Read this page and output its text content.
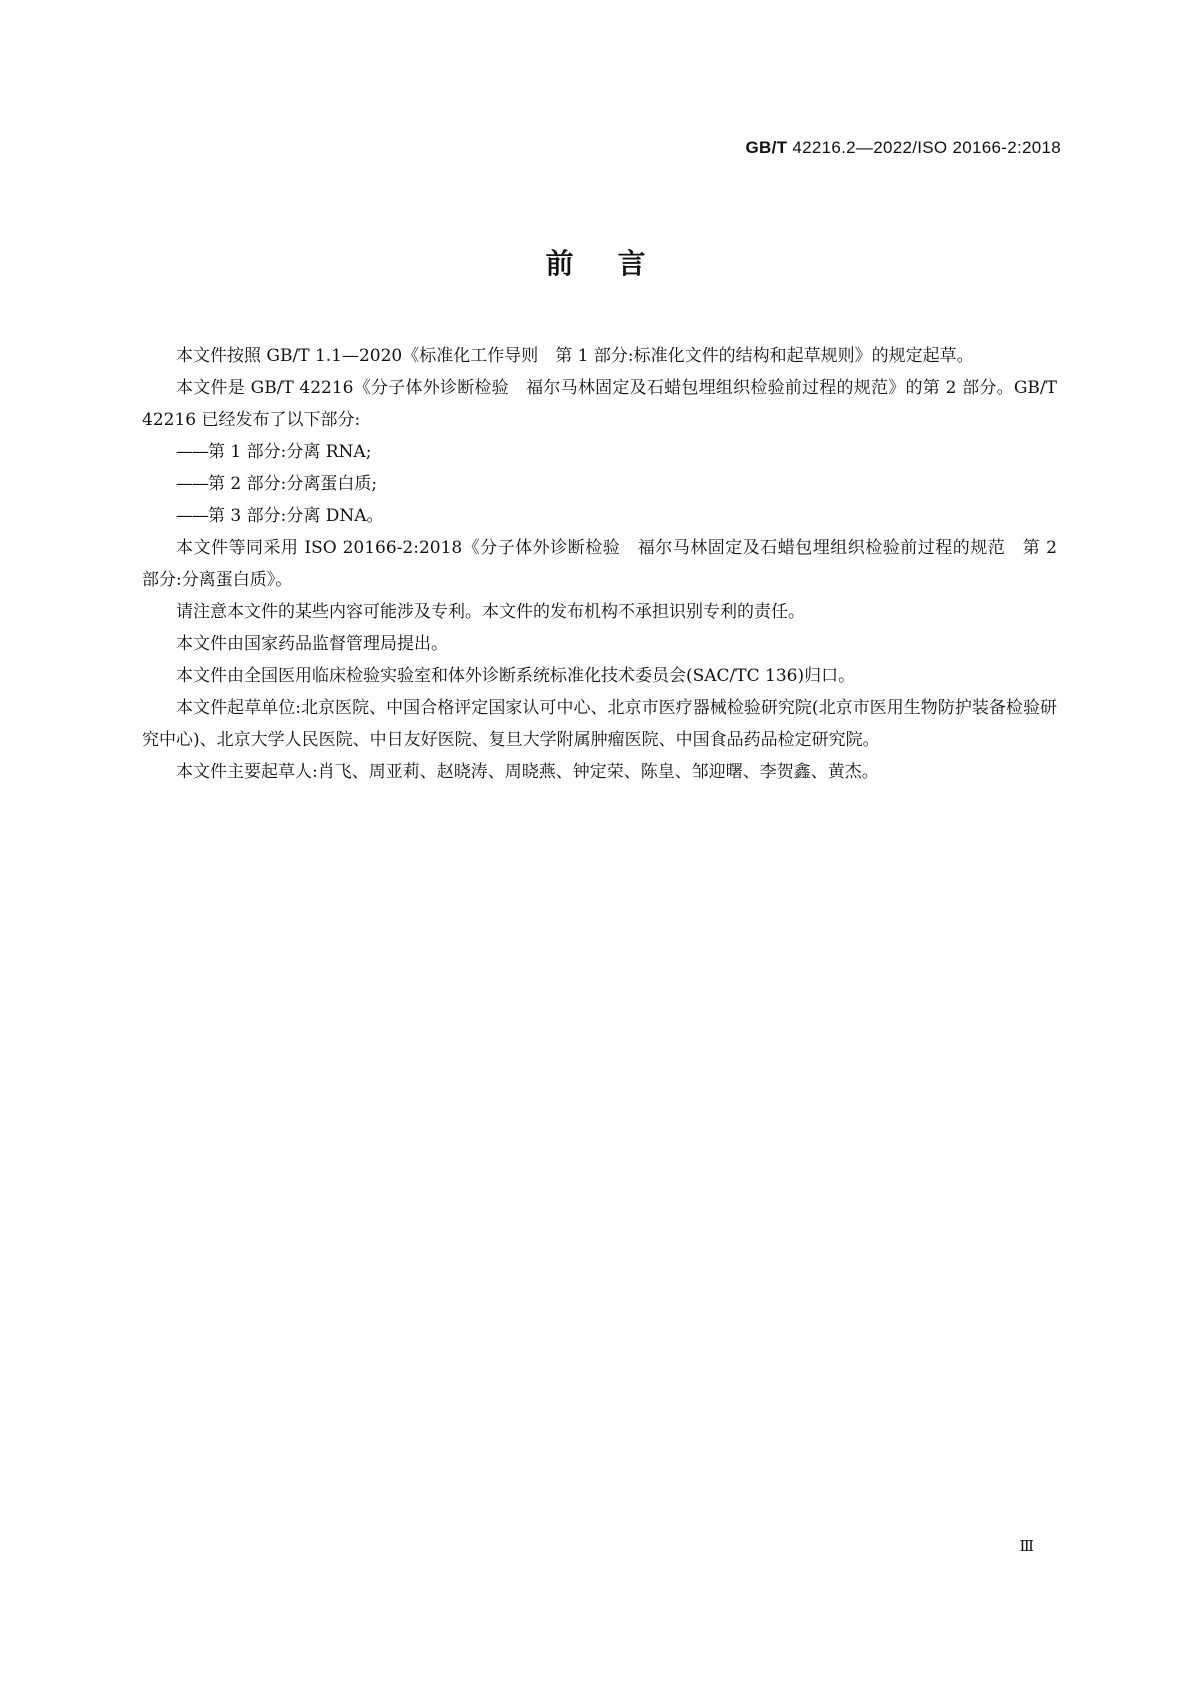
GB/T 42216.2—2022/ISO 20166-2:2018
前言

本文件按照 GB/T 1.1—2020《标准化工作导则　第 1 部分:标准化文件的结构和起草规则》的规定起草。

本文件是 GB/T 42216《分子体外诊断检验　福尔马林固定及石蜡包埋组织检验前过程的规范》的第 2 部分。GB/T 42216 已经发布了以下部分:

——第 1 部分:分离 RNA;

——第 2 部分:分离蛋白质;

——第 3 部分:分离 DNA。

本文件等同采用 ISO 20166-2:2018《分子体外诊断检验　福尔马林固定及石蜡包埋组织检验前过程的规范　第 2 部分:分离蛋白质》。

请注意本文件的某些内容可能涉及专利。本文件的发布机构不承担识别专利的责任。

本文件由国家药品监督管理局提出。

本文件由全国医用临床检验实验室和体外诊断系统标准化技术委员会(SAC/TC 136)归口。

本文件起草单位:北京医院、中国合格评定国家认可中心、北京市医疗器械检验研究院(北京市医用生物防护装备检验研究中心)、北京大学人民医院、中日友好医院、复旦大学附属肿瘤医院、中国食品药品检定研究院。

本文件主要起草人:肖飞、周亚莉、赵晓涛、周晓燕、钟定荣、陈皇、邹迎曙、李贺鑫、黄杰。

Ⅲ
